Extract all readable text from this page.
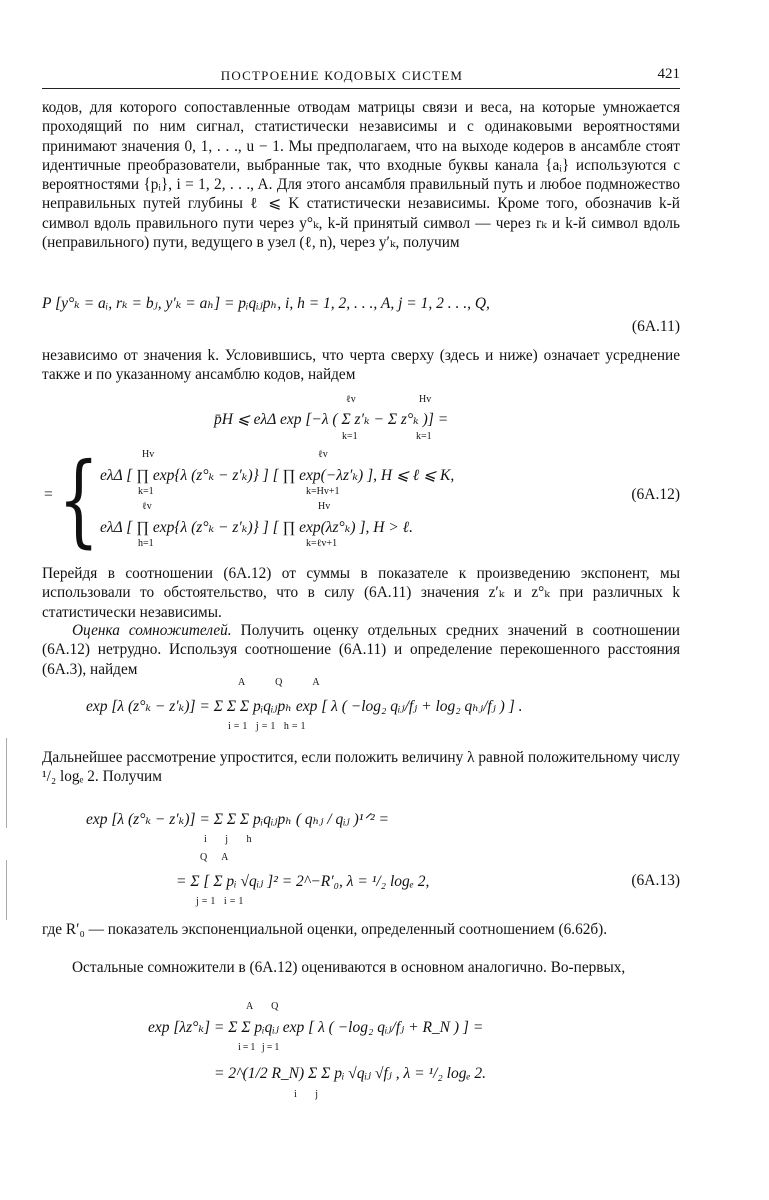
ПОСТРОЕНИЕ КОДОВЫХ СИСТЕМ	421

кодов, для которого сопоставленные отводам матрицы связи и веса, на которые умножается проходящий по ним сигнал, статистически независимы и с одинаковыми вероятностями принимают значения 0, 1, . . ., u − 1. Мы предполагаем, что на выходе кодеров в ансамбле стоят идентичные преобразователи, выбранные так, что входные буквы канала {aᵢ} используются с вероятностями {pᵢ}, i = 1, 2, . . ., A. Для этого ансамбля правильный путь и любое подмножество неправильных путей глубины ℓ ⩽ K статистически независимы. Кроме того, обозначив k-й символ вдоль правильного пути через y°ₖ, k-й принятый символ — через rₖ и k-й символ вдоль (неправильного) пути, ведущего в узел (ℓ, n), через y′ₖ, получим

P [y°ₖ = aᵢ, rₖ = bⱼ, y′ₖ = aₕ] = pᵢqᵢⱼpₕ, i, h = 1, 2, . . ., A, j = 1, 2 . . ., Q,
(6A.11)

независимо от значения k. Условившись, что черта сверху (здесь и ниже) означает усреднение также и по указанному ансамблю кодов, найдем

ℓv	Hv
p̄H ⩽ eλΔ exp [−λ ( Σ z′ₖ − Σ z°ₖ )] =
k=1	k=1
= {	Hv	ℓv
eλΔ [ ∏ exp{λ (z°ₖ − z′ₖ)} ] [ ∏ exp(−λz′ₖ) ], H ⩽ ℓ ⩽ K,
k=1	k=Hv+1	(6A.12)
ℓv	Hv
eλΔ [ ∏ exp{λ (z°ₖ − z′ₖ)} ] [ ∏ exp(λz°ₖ) ], H > ℓ.
h=1	k=ℓv+1

Перейдя в соотношении (6A.12) от суммы в показателе к произведению экспонент, мы использовали то обстоятельство, что в силу (6A.11) значения z′ₖ и z°ₖ при различных k статистически независимы.

Оценка сомножителей. Получить оценку отдельных средних значений в соотношении (6A.12) нетрудно. Используя соотношение (6A.11) и определение перекошенного расстояния (6A.3), найдем

A Q A
exp [λ (z°ₖ − z′ₖ)] = Σ Σ Σ pᵢqᵢⱼpₕ exp [ λ ( −log₂ qᵢⱼ/fⱼ + log₂ qₕⱼ/fⱼ ) ] .
i=1 j=1 h=1

Дальнейшее рассмотрение упростится, если положить величину λ равной положительному числу ¹/₂ logₑ 2. Получим

exp [λ (z°ₖ − z′ₖ)] = Σ Σ Σ pᵢqᵢⱼpₕ ( qₕⱼ / qᵢⱼ )¹ᐟ² =
i j h
Q A
= Σ [ Σ pᵢ √qᵢⱼ ]² = 2^−R′₀, λ = ¹/₂ logₑ 2,
j=1 i=1
(6A.13)

где R′₀ — показатель экспоненциальной оценки, определенный соотношением (6.62б).

Остальные сомножители в (6A.12) оцениваются в основном аналогично. Во-первых,

A Q
exp [λz°ₖ] = Σ Σ pᵢqᵢⱼ exp [ λ ( −log₂ qᵢⱼ/fⱼ + R_N ) ] =
i=1 j=1
= 2^(1/2 R_N) Σ Σ pᵢ √qᵢⱼ √fⱼ , λ = ¹/₂ logₑ 2.
i j
